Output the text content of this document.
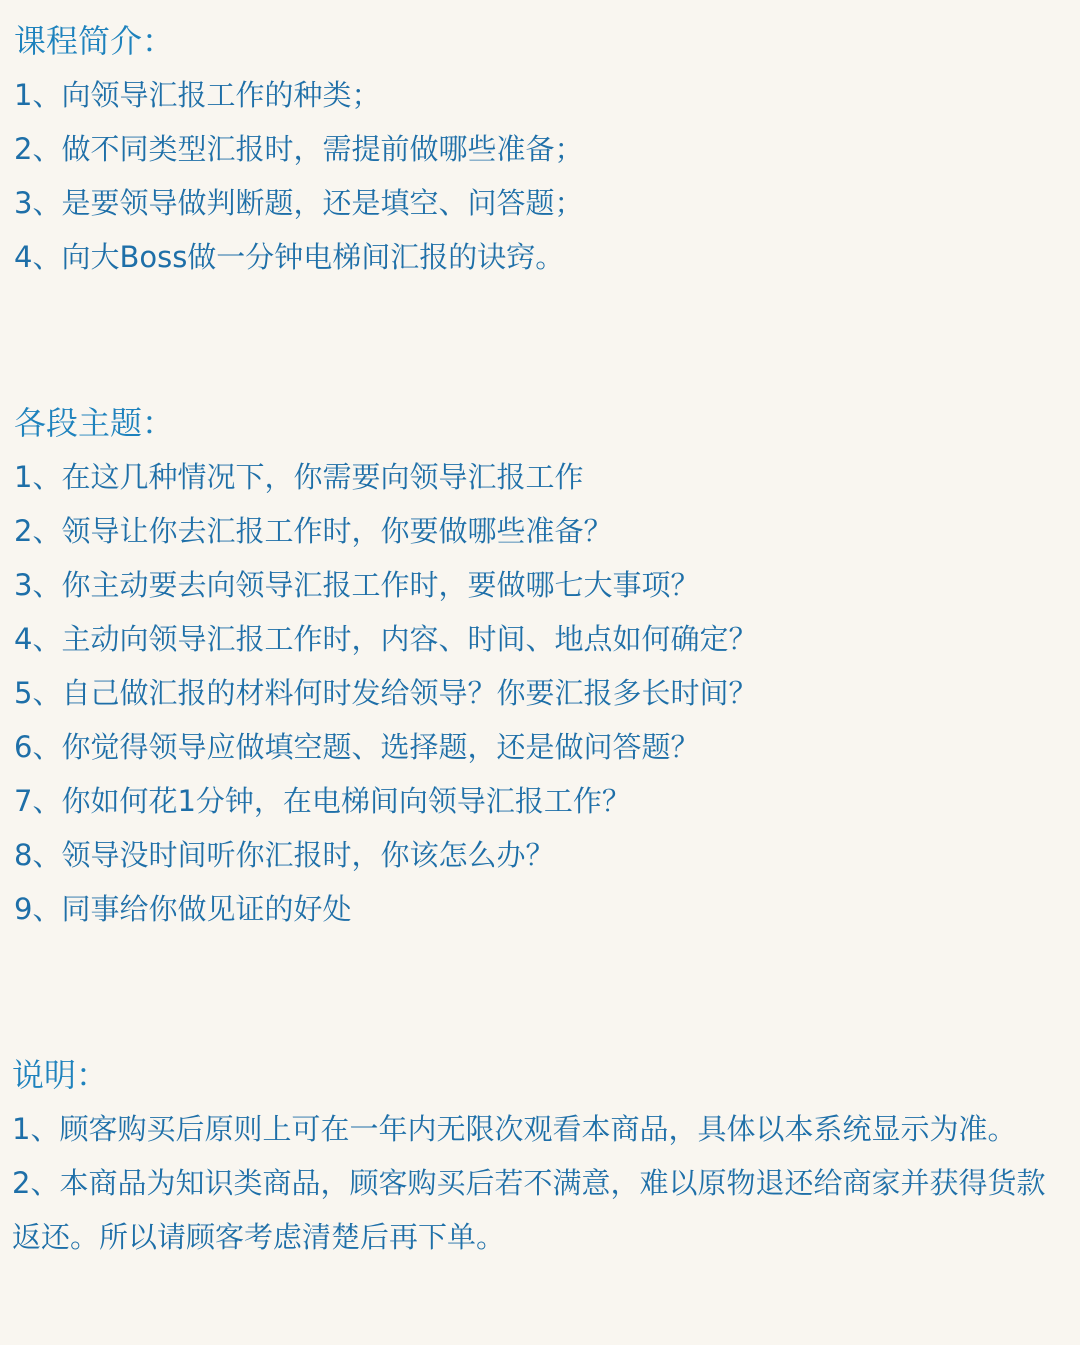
课程简介：

1、向领导汇报工作的种类；

2、做不同类型汇报时，需提前做哪些准备；

3、是要领导做判断题，还是填空、问答题；

4、向大Boss做一分钟电梯间汇报的诀窍。

各段主题：

1、在这几种情况下，你需要向领导汇报工作

2、领导让你去汇报工作时，你要做哪些准备？

3、你主动要去向领导汇报工作时，要做哪七大事项？

4、主动向领导汇报工作时，内容、时间、地点如何确定？

5、自己做汇报的材料何时发给领导？你要汇报多长时间？

6、你觉得领导应做填空题、选择题，还是做问答题？

7、你如何花1分钟，在电梯间向领导汇报工作？

8、领导没时间听你汇报时，你该怎么办？

9、同事给你做见证的好处

说明：

1、顾客购买后原则上可在一年内无限次观看本商品，具体以本系统显示为准。

2、本商品为知识类商品，顾客购买后若不满意，难以原物退还给商家并获得货款返还。所以请顾客考虑清楚后再下单。
